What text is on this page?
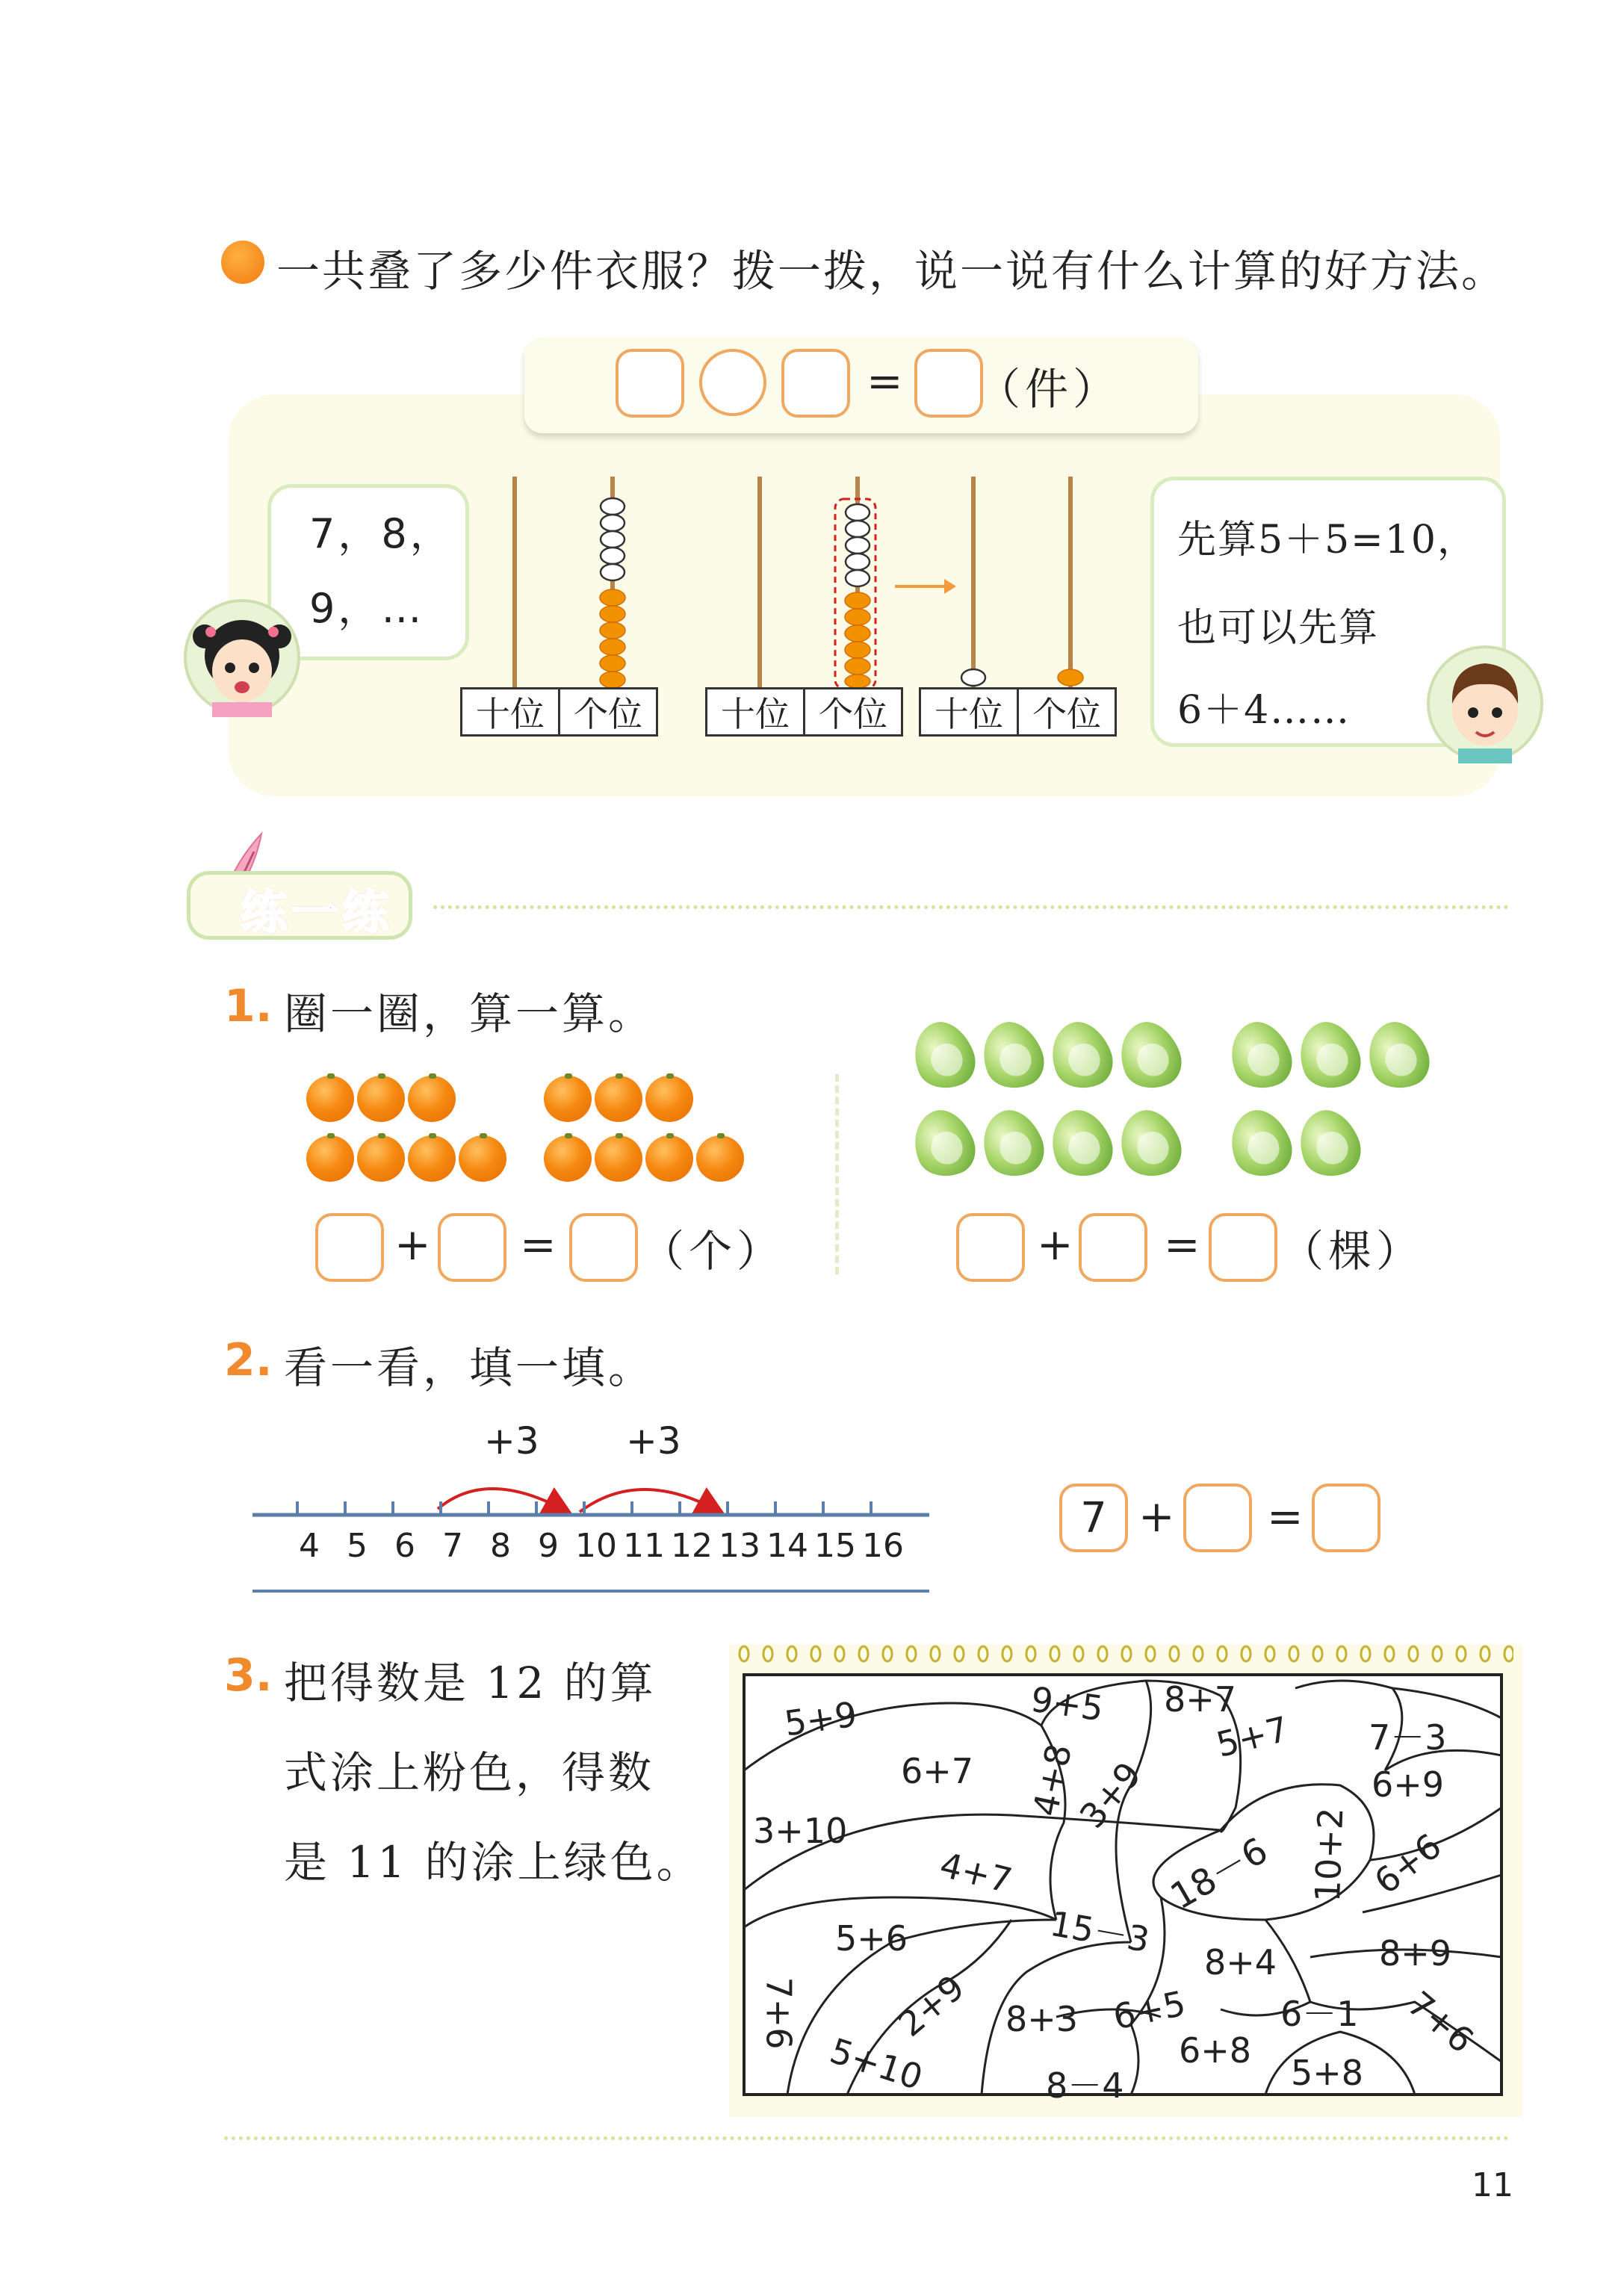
一共叠了多少件衣服？拨一拨，说一说有什么计算的好方法。
= （件）
7，8，
9，…
十位 个位	十位 个位	十位 个位
先算5＋5=10，
也可以先算
6＋4……
练一练
1. 圈一圈，算一算。
+ = （个）	+ = （棵）
2. 看一看，填一填。
+3 +3
4 5 6 7 8 9 10 11 12 13 14 15 16
7 + =
3. 把得数是 12 的算
式涂上粉色，得数
是 11 的涂上绿色。
5+9	9+5 8+7
6+7
5+7 7－3
4+8
3+9	6+9
3+10
4+7	18－6 10+2 6+6
15－3
5+6
8+4	8+9
2+9 8+3 6+5	6－1 7+6
6+8
5+10	8－4	5+8
7+6
11
